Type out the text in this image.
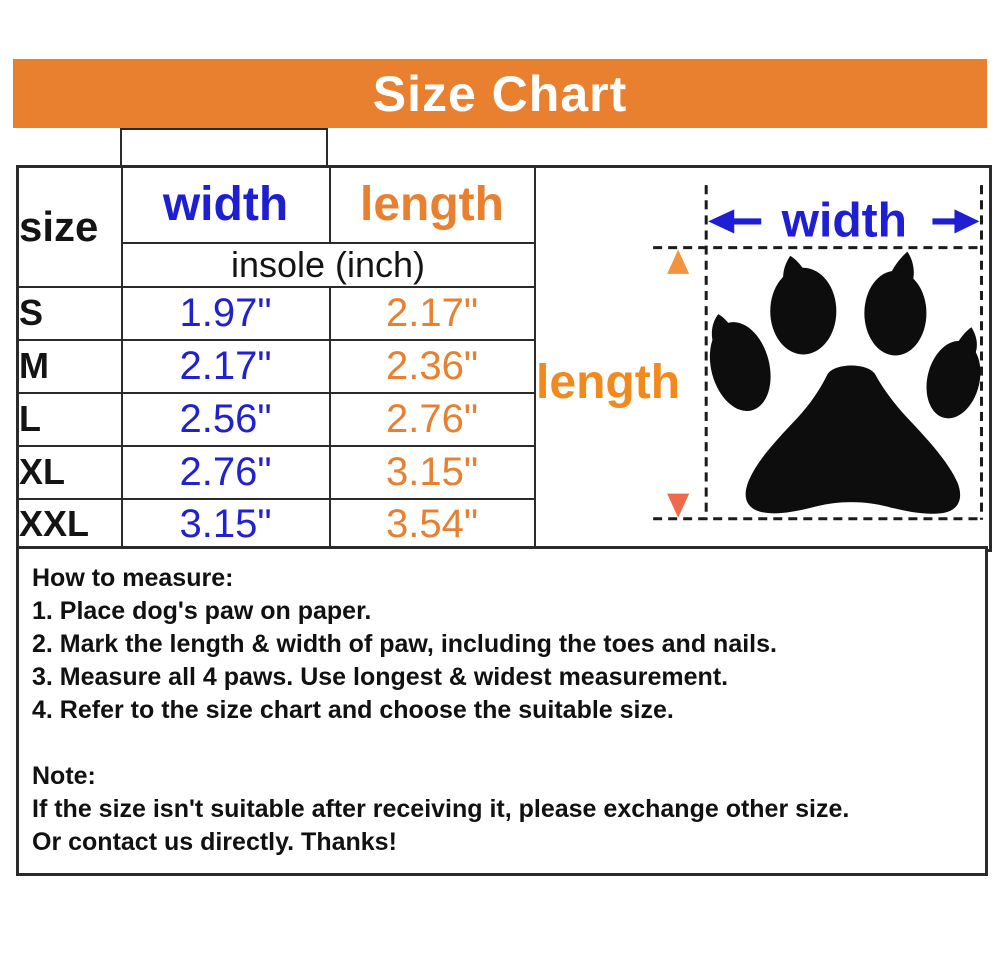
Size Chart
size	width	length	width
length

	insole (inch)		
S	1.97"	2.17"	
M	2.17"	2.36"	
L	2.56"	2.76"	
XL	2.76"	3.15"	
XXL	3.15"	3.54"	
How to measure:
1. Place dog's paw on paper.
2. Mark the length & width of paw, including the toes and nails.
3. Measure all 4 paws. Use longest & widest measurement.
4. Refer to the size chart and choose the suitable size.
Note:
If the size isn't suitable after receiving it, please exchange other size.
Or contact us directly. Thanks!
